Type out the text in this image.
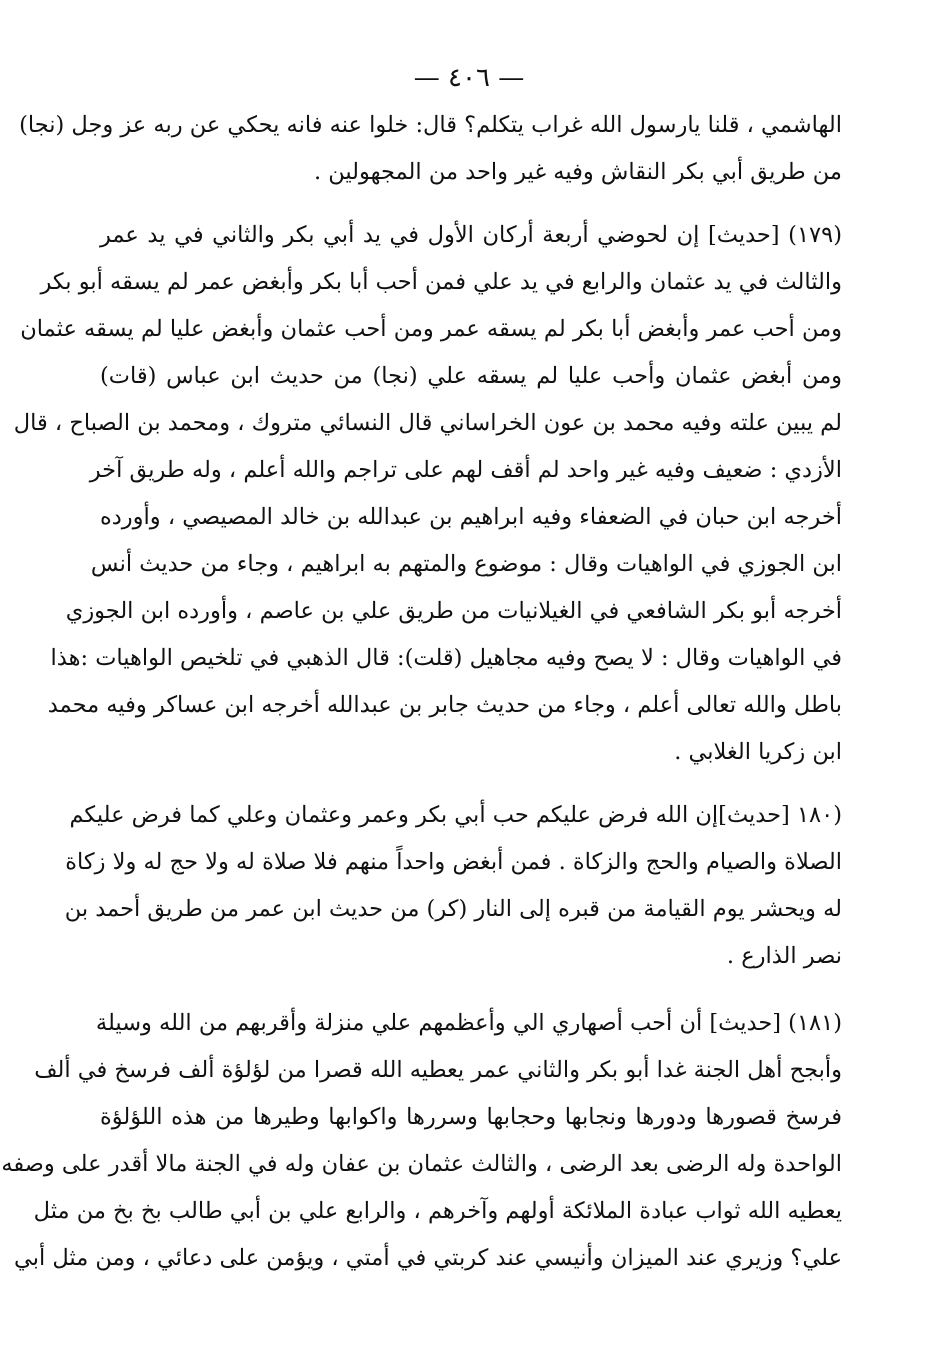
— ٤٠٦ —
الهاشمي ، قلنا يارسول الله غراب يتكلم؟ قال: خلوا عنه فانه يحكي عن ربه عز وجل (نجا)
من طريق أبي بكر النقاش وفيه غير واحد من المجهولين .
(١٧٩) [حديث] إن لحوضي أربعة أركان الأول في يد أبي بكر والثاني في يد عمر
والثالث في يد عثمان والرابع في يد علي فمن أحب أبا بكر وأبغض عمر لم يسقه أبو بكر
ومن أحب عمر وأبغض أبا بكر لم يسقه عمر ومن أحب عثمان وأبغض عليا لم يسقه عثمان
ومن أبغض عثمان وأحب عليا لم يسقه علي (نجا) من حديث ابن عباس (قات)
لم يبين علته وفيه محمد بن عون الخراساني قال النسائي متروك ، ومحمد بن الصباح ، قال
الأزدي : ضعيف وفيه غير واحد لم أقف لهم على تراجم والله أعلم ، وله طريق آخر
أخرجه ابن حبان في الضعفاء وفيه ابراهيم بن عبدالله بن خالد المصيصي ، وأورده
ابن الجوزي في الواهيات وقال : موضوع والمتهم به ابراهيم ، وجاء من حديث أنس
أخرجه أبو بكر الشافعي في الغيلانيات من طريق علي بن عاصم ، وأورده ابن الجوزي
في الواهيات وقال : لا يصح وفيه مجاهيل (قلت): قال الذهبي في تلخيص الواهيات :هذا
باطل والله تعالى أعلم ، وجاء من حديث جابر بن عبدالله أخرجه ابن عساكر وفيه محمد
ابن زكريا الغلابي .
(١٨٠ [حديث]إن الله فرض عليكم حب أبي بكر وعمر وعثمان وعلي كما فرض عليكم
الصلاة والصيام والحج والزكاة . فمن أبغض واحداً منهم فلا صلاة له ولا حج له ولا زكاة
له ويحشر يوم القيامة من قبره إلى النار (كر) من حديث ابن عمر من طريق أحمد بن
نصر الذارع .
(١٨١) [حديث] أن أحب أصهاري الي وأعظمهم علي منزلة وأقربهم من الله وسيلة
وأبجح أهل الجنة غدا أبو بكر والثاني عمر يعطيه الله قصرا من لؤلؤة ألف فرسخ في ألف
فرسخ قصورها ودورها ونجابها وحجابها وسررها واكوابها وطيرها من هذه اللؤلؤة
الواحدة وله الرضى بعد الرضى ، والثالث عثمان بن عفان وله في الجنة مالا أقدر على وصفه
يعطيه الله ثواب عبادة الملائكة أولهم وآخرهم ، والرابع علي بن أبي طالب بخ بخ من مثل
علي؟ وزيري عند الميزان وأنيسي عند كربتي في أمتي ، ويؤمن على دعائي ، ومن مثل أبي
